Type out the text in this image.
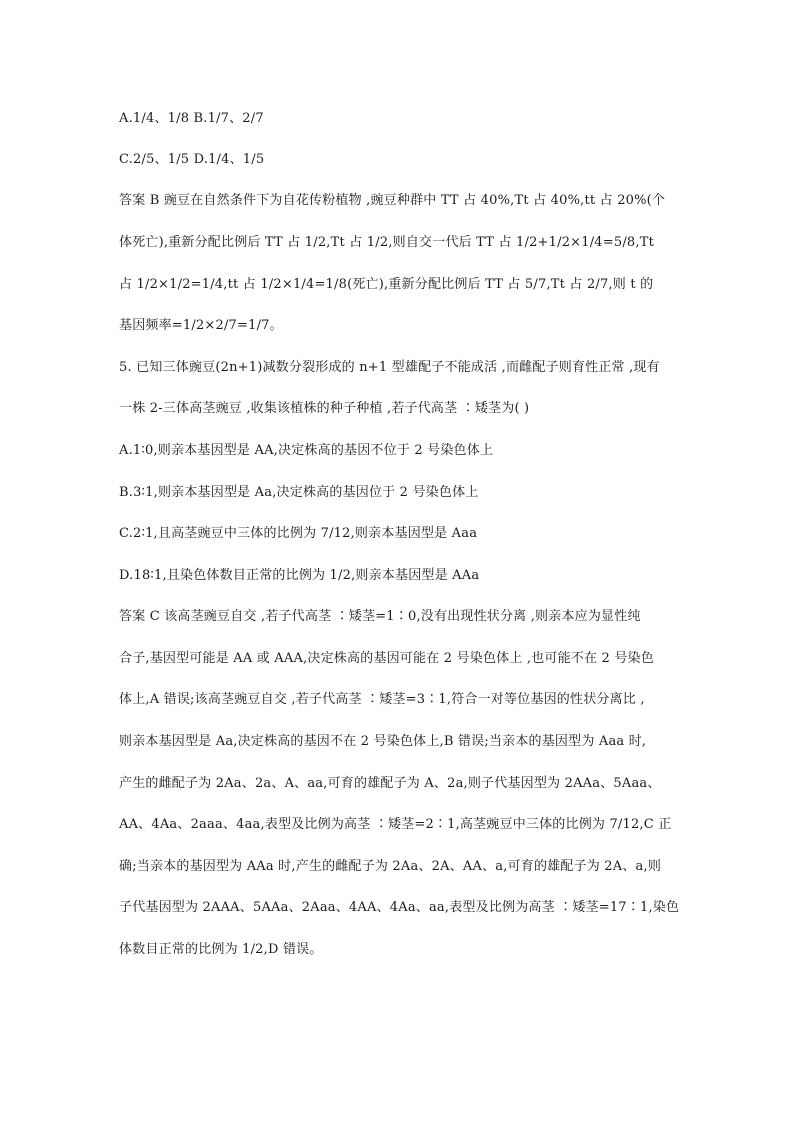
A.1/4、1/8 B.1/7、2/7
C.2/5、1/5 D.1/4、1/5
答案 B 豌豆在自然条件下为自花传粉植物 ,豌豆种群中 TT 占 40%,Tt 占 40%,tt 占 20%(个
体死亡),重新分配比例后 TT 占 1/2,Tt 占 1/2,则自交一代后 TT 占 1/2+1/2×1/4=5/8,Tt
占 1/2×1/2=1/4,tt 占 1/2×1/4=1/8(死亡),重新分配比例后 TT 占 5/7,Tt 占 2/7,则 t 的
基因频率=1/2×2/7=1/7。
5. 已知三体豌豆(2n+1)减数分裂形成的 n+1 型雄配子不能成活 ,而雌配子则育性正常 ,现有
一株 2-三体高茎豌豆 ,收集该植株的种子种植 ,若子代高茎 ∶矮茎为( )
A.1∶0,则亲本基因型是 AA,决定株高的基因不位于 2 号染色体上
B.3∶1,则亲本基因型是 Aa,决定株高的基因位于 2 号染色体上
C.2∶1,且高茎豌豆中三体的比例为 7/12,则亲本基因型是 Aaa
D.18∶1,且染色体数目正常的比例为 1/2,则亲本基因型是 AAa
答案 C 该高茎豌豆自交 ,若子代高茎 ∶矮茎=1∶0,没有出现性状分离 ,则亲本应为显性纯
合子,基因型可能是 AA 或 AAA,决定株高的基因可能在 2 号染色体上 ,也可能不在 2 号染色
体上,A 错误;该高茎豌豆自交 ,若子代高茎 ∶矮茎=3∶1,符合一对等位基因的性状分离比 ,
则亲本基因型是 Aa,决定株高的基因不在 2 号染色体上,B 错误;当亲本的基因型为 Aaa 时,
产生的雌配子为 2Aa、2a、A、aa,可育的雄配子为 A、2a,则子代基因型为 2AAa、5Aaa、
AA、4Aa、2aaa、4aa,表型及比例为高茎 ∶矮茎=2∶1,高茎豌豆中三体的比例为 7/12,C 正
确;当亲本的基因型为 AAa 时,产生的雌配子为 2Aa、2A、AA、a,可育的雄配子为 2A、a,则
子代基因型为 2AAA、5AAa、2Aaa、4AA、4Aa、aa,表型及比例为高茎 ∶矮茎=17∶1,染色
体数目正常的比例为 1/2,D 错误。
